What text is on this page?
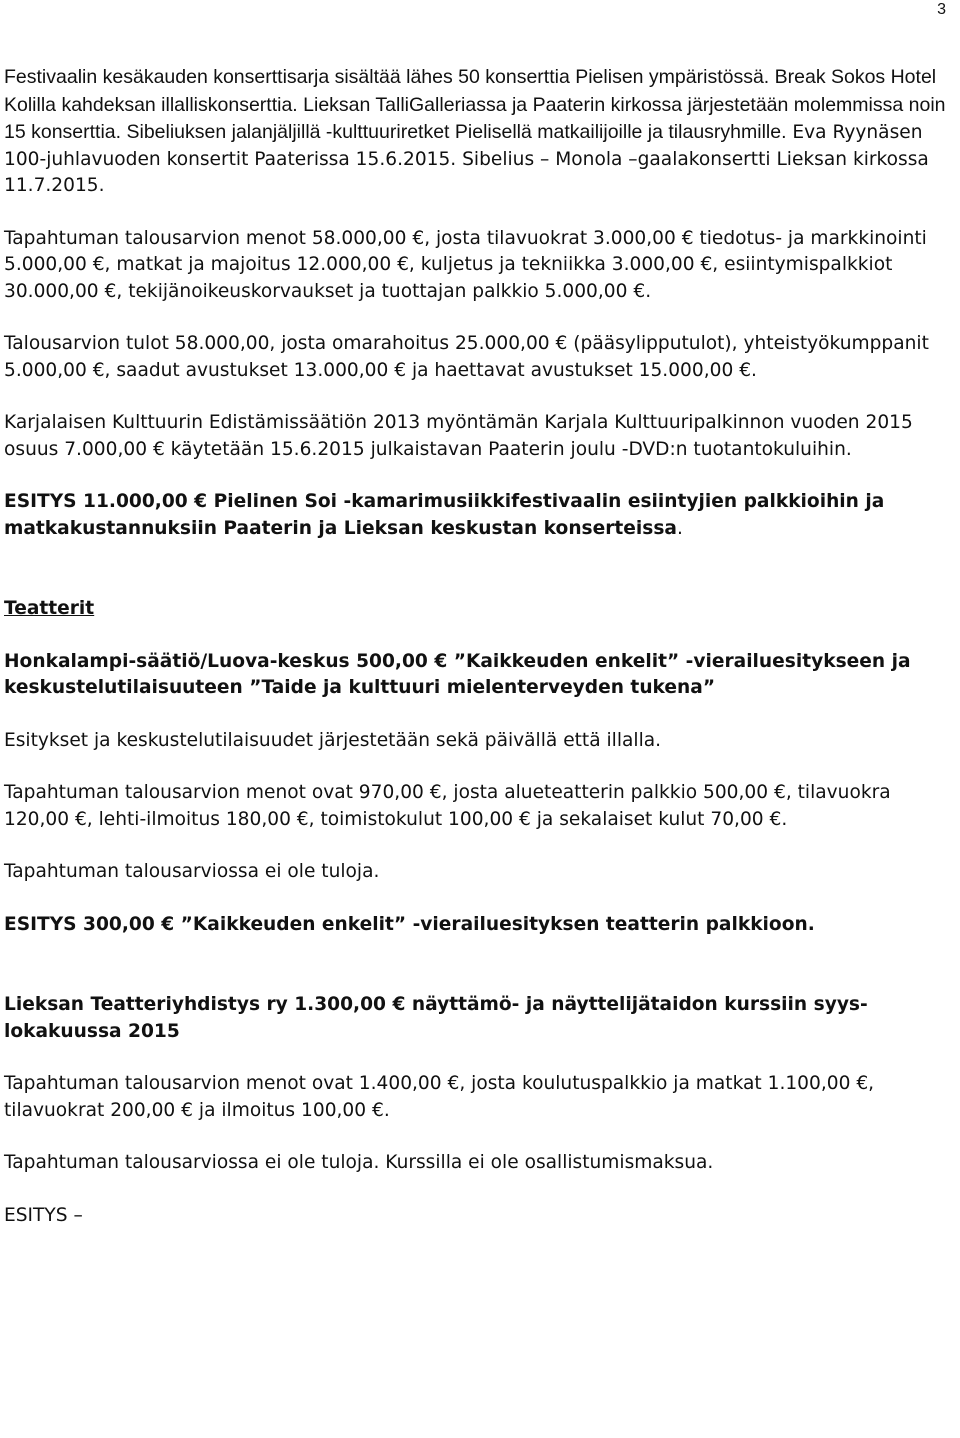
3

Festivaalin kesäkauden konserttisarja sisältää lähes 50 konserttia Pielisen ympäristössä. Break Sokos Hotel Kolilla kahdeksan illalliskonserttia. Lieksan TalliGalleriassa ja Paaterin kirkossa järjestetään molemmissa noin 15 konserttia. Sibeliuksen jalanjäljillä -kulttuuriretket Pielisellä matkailijoille ja tilausryhmille. Eva Ryynäsen 100-juhlavuoden konsertit Paaterissa 15.6.2015. Sibelius – Monola –gaalakonsertti Lieksan kirkossa 11.7.2015.

Tapahtuman talousarvion menot 58.000,00 €, josta tilavuokrat 3.000,00 € tiedotus- ja markkinointi 5.000,00 €, matkat ja majoitus 12.000,00 €, kuljetus ja tekniikka 3.000,00 €, esiintymispalkkiot 30.000,00 €, tekijänoikeuskorvaukset ja tuottajan palkkio 5.000,00 €.

Talousarvion tulot 58.000,00, josta omarahoitus 25.000,00 € (pääsylipputulot), yhteistyökumppanit 5.000,00 €, saadut avustukset 13.000,00 € ja haettavat avustukset 15.000,00 €.

Karjalaisen Kulttuurin Edistämissäätiön 2013 myöntämän Karjala Kulttuuripalkinnon vuoden 2015 osuus 7.000,00 € käytetään 15.6.2015 julkaistavan Paaterin joulu -DVD:n tuotantokuluihin.

ESITYS 11.000,00 € Pielinen Soi -kamarimusiikkifestivaalin esiintyjien palkkioihin ja matkakustannuksiin Paaterin ja Lieksan keskustan konserteissa.

Teatterit

Honkalampi-säätiö/Luova-keskus 500,00 € ”Kaikkeuden enkelit” -vierailuesitykseen ja keskustelutilaisuuteen ”Taide ja kulttuuri mielenterveyden tukena”

Esitykset ja keskustelutilaisuudet järjestetään sekä päivällä että illalla.

Tapahtuman talousarvion menot ovat 970,00 €, josta alueteatterin palkkio 500,00 €, tilavuokra 120,00 €, lehti-ilmoitus 180,00 €, toimistokulut 100,00 € ja sekalaiset kulut 70,00 €.

Tapahtuman talousarviossa ei ole tuloja.

ESITYS 300,00 € ”Kaikkeuden enkelit” -vierailuesityksen teatterin palkkioon.

Lieksan Teatteriyhdistys ry 1.300,00 € näyttämö- ja näyttelijätaidon kurssiin syys-lokakuussa 2015

Tapahtuman talousarvion menot ovat 1.400,00 €, josta koulutuspalkkio ja matkat 1.100,00 €, tilavuokrat 200,00 € ja ilmoitus 100,00 €.

Tapahtuman talousarviossa ei ole tuloja. Kurssilla ei ole osallistumismaksua.

ESITYS –
